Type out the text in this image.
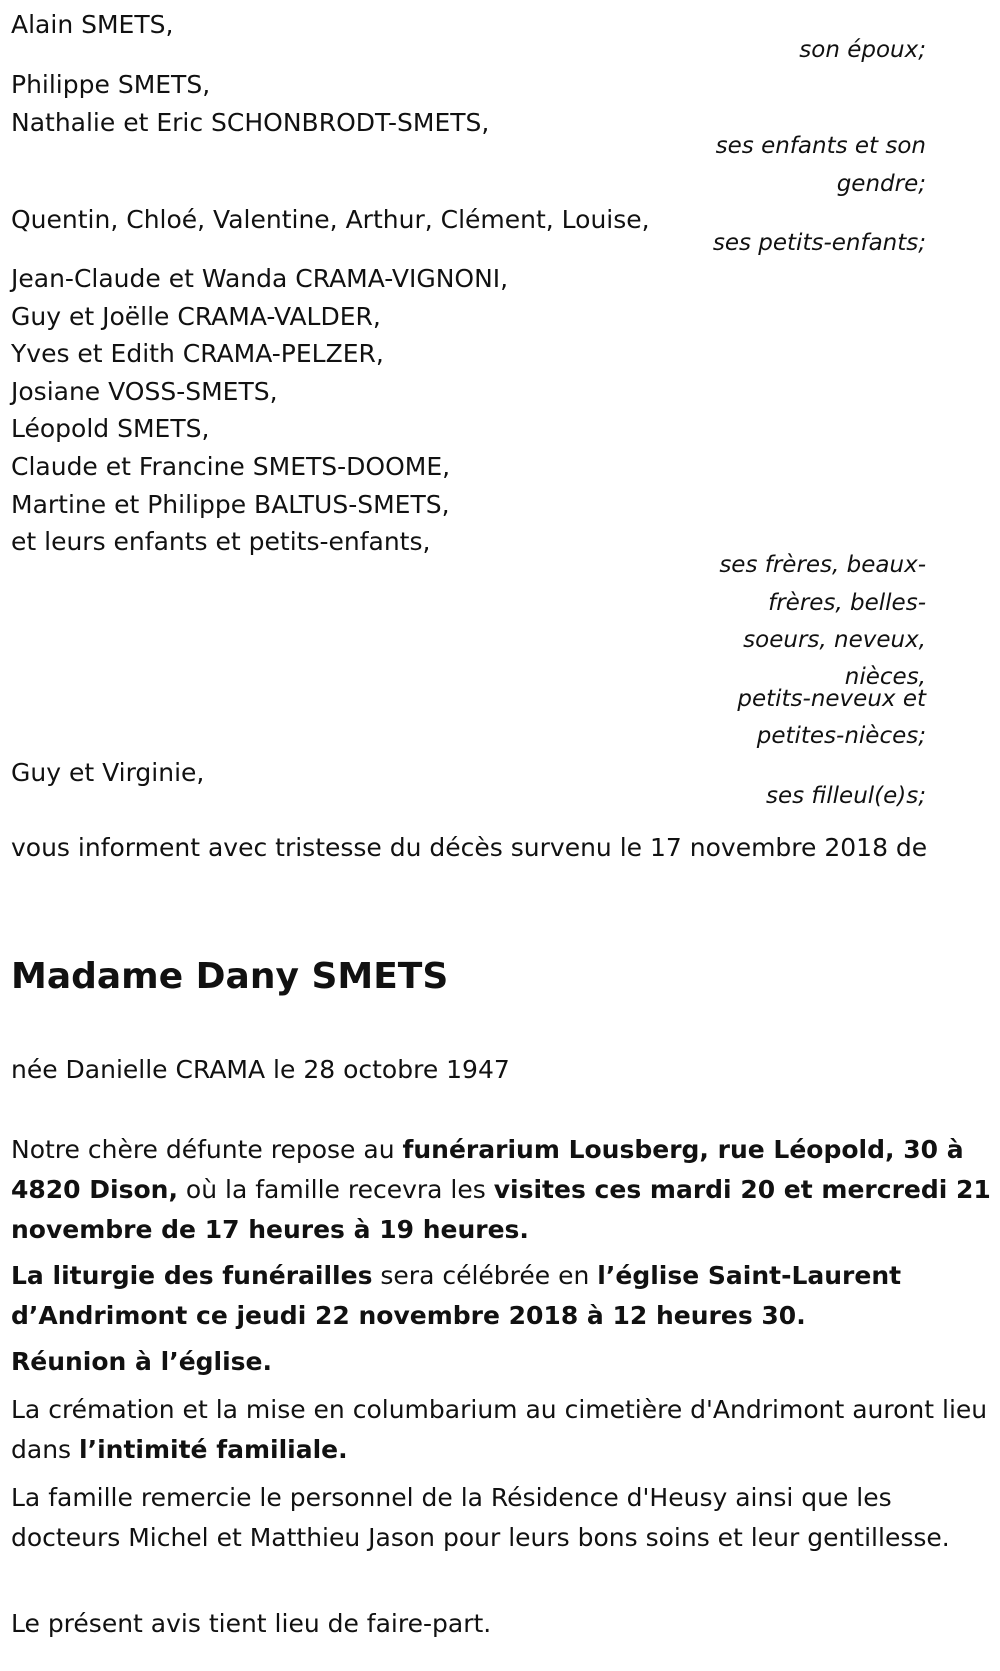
Alain SMETS,
son époux;
Philippe SMETS,
Nathalie et Eric SCHONBRODT-SMETS,
ses enfants et son
gendre;
Quentin, Chloé, Valentine, Arthur, Clément, Louise,
ses petits-enfants;
Jean-Claude et Wanda CRAMA-VIGNONI,
Guy et Joëlle CRAMA-VALDER,
Yves et Edith CRAMA-PELZER,
Josiane VOSS-SMETS,
Léopold SMETS,
Claude et Francine SMETS-DOOME,
Martine et Philippe BALTUS-SMETS,
et leurs enfants et petits-enfants,
ses frères, beaux-
frères, belles-
soeurs, neveux,
nièces,
petits-neveux et
petites-nièces;
Guy et Virginie,
ses filleul(e)s;
vous informent avec tristesse du décès survenu le 17 novembre 2018 de
Madame Dany SMETS
née Danielle CRAMA le 28 octobre 1947
Notre chère défunte repose au funérarium Lousberg, rue Léopold, 30 à 4820 Dison, où la famille recevra les visites ces mardi 20 et mercredi 21 novembre de 17 heures à 19 heures.
La liturgie des funérailles sera célébrée en l’église Saint-Laurent d’Andrimont ce jeudi 22 novembre 2018 à 12 heures 30.
Réunion à l’église.
La crémation et la mise en columbarium au cimetière d'Andrimont auront lieu dans l’intimité familiale.
La famille remercie le personnel de la Résidence d'Heusy ainsi que les docteurs Michel et Matthieu Jason pour leurs bons soins et leur gentillesse.
Le présent avis tient lieu de faire-part.
